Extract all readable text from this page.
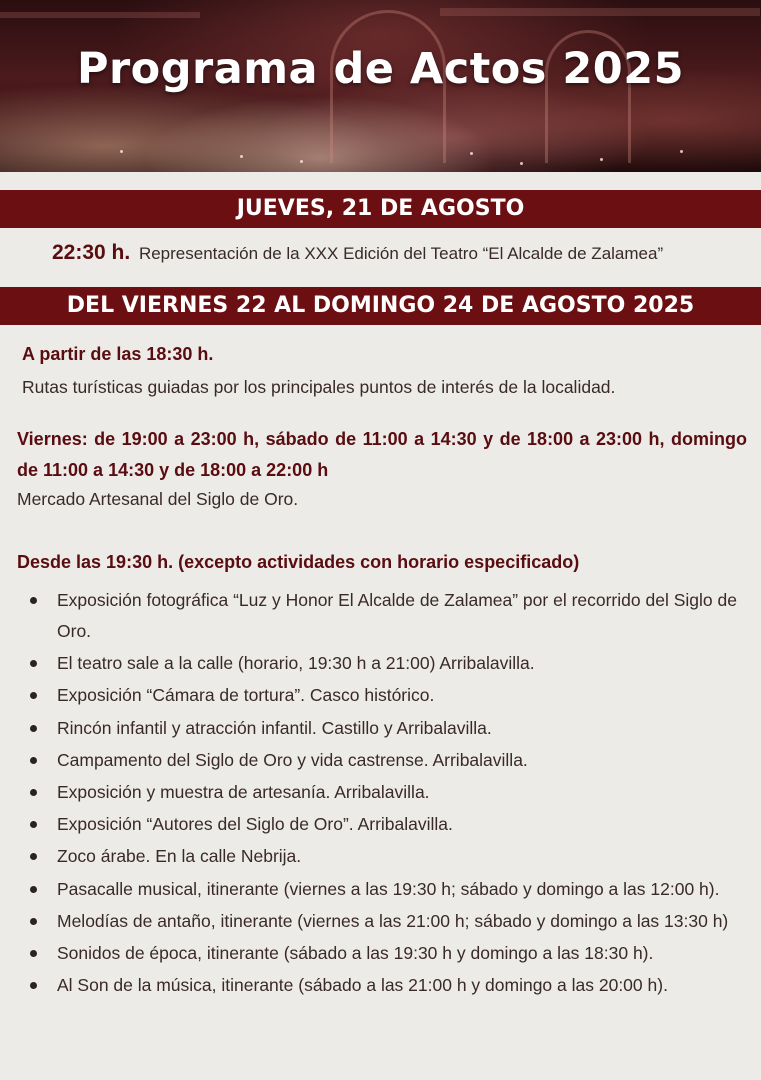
Programa de Actos 2025
JUEVES, 21 DE AGOSTO
22:30 h. Representación de la XXX Edición del Teatro “El Alcalde de Zalamea”
DEL VIERNES 22 AL DOMINGO 24 DE AGOSTO 2025
A partir de las 18:30 h.
Rutas turísticas guiadas por los principales puntos de interés de la localidad.
Viernes: de 19:00 a 23:00 h, sábado de 11:00 a 14:30 y de 18:00 a 23:00 h, domingo de 11:00 a 14:30 y de 18:00 a 22:00 h
Mercado Artesanal del Siglo de Oro.
Desde las 19:30 h. (excepto actividades con horario especificado)
Exposición fotográfica “Luz y Honor El Alcalde de Zalamea” por el recorrido del Siglo de Oro.
El teatro sale a la calle (horario, 19:30 h a 21:00) Arribalavilla.
Exposición “Cámara de tortura”. Casco histórico.
Rincón infantil y atracción infantil. Castillo y Arribalavilla.
Campamento del Siglo de Oro y vida castrense. Arribalavilla.
Exposición y muestra de artesanía. Arribalavilla.
Exposición “Autores del Siglo de Oro”. Arribalavilla.
Zoco árabe. En la calle Nebrija.
Pasacalle musical, itinerante (viernes a las 19:30 h; sábado y domingo a las 12:00 h).
Melodías de antaño, itinerante (viernes a las 21:00 h; sábado y domingo a las 13:30 h)
Sonidos de época, itinerante (sábado a las 19:30 h y domingo a las 18:30 h).
Al Son de la música, itinerante (sábado a las 21:00 h y domingo a las 20:00 h).
